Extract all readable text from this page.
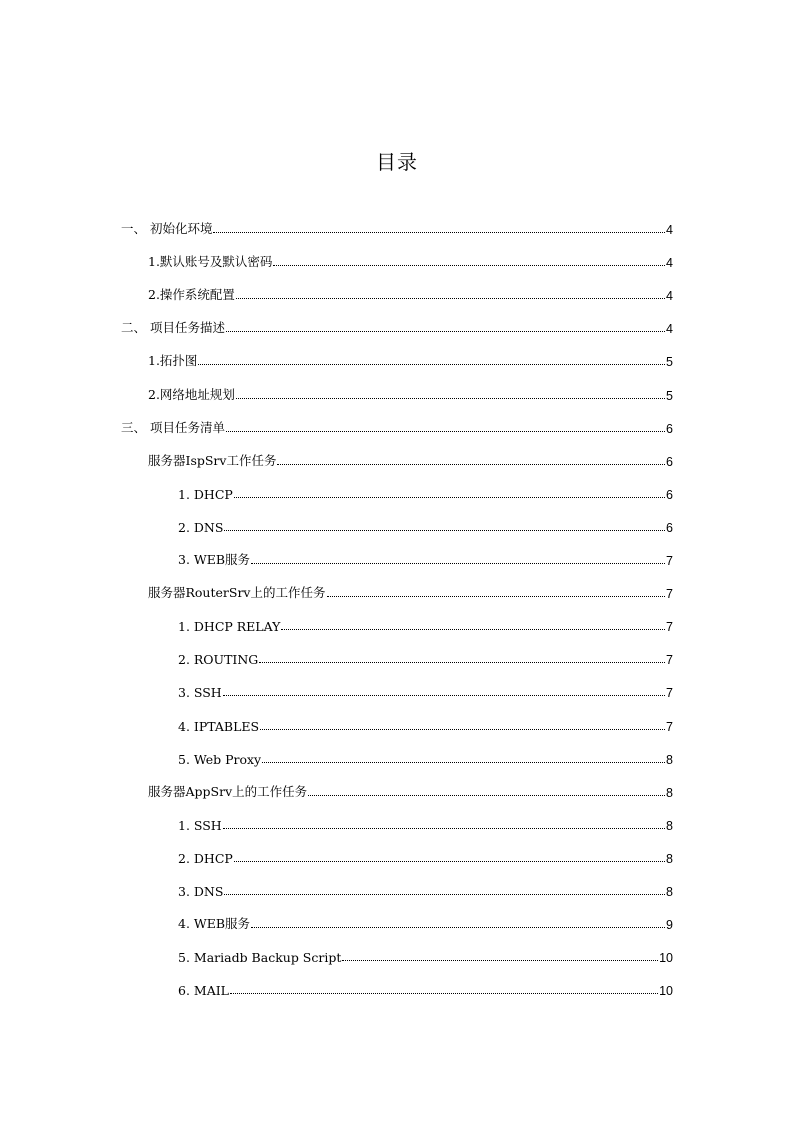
目录
一、 初始化环境	4
1.默认账号及默认密码	4
2.操作系统配置	4
二、 项目任务描述	4
1.拓扑图	5
2.网络地址规划	5
三、 项目任务清单	6
服务器IspSrv工作任务	6
1. DHCP	6
2. DNS	6
3. WEB服务	7
服务器RouterSrv上的工作任务	7
1. DHCP RELAY	7
2. ROUTING	7
3. SSH	7
4. IPTABLES	7
5. Web Proxy	8
服务器AppSrv上的工作任务	8
1. SSH	8
2. DHCP	8
3. DNS	8
4. WEB服务	9
5. Mariadb Backup Script	10
6. MAIL	10
